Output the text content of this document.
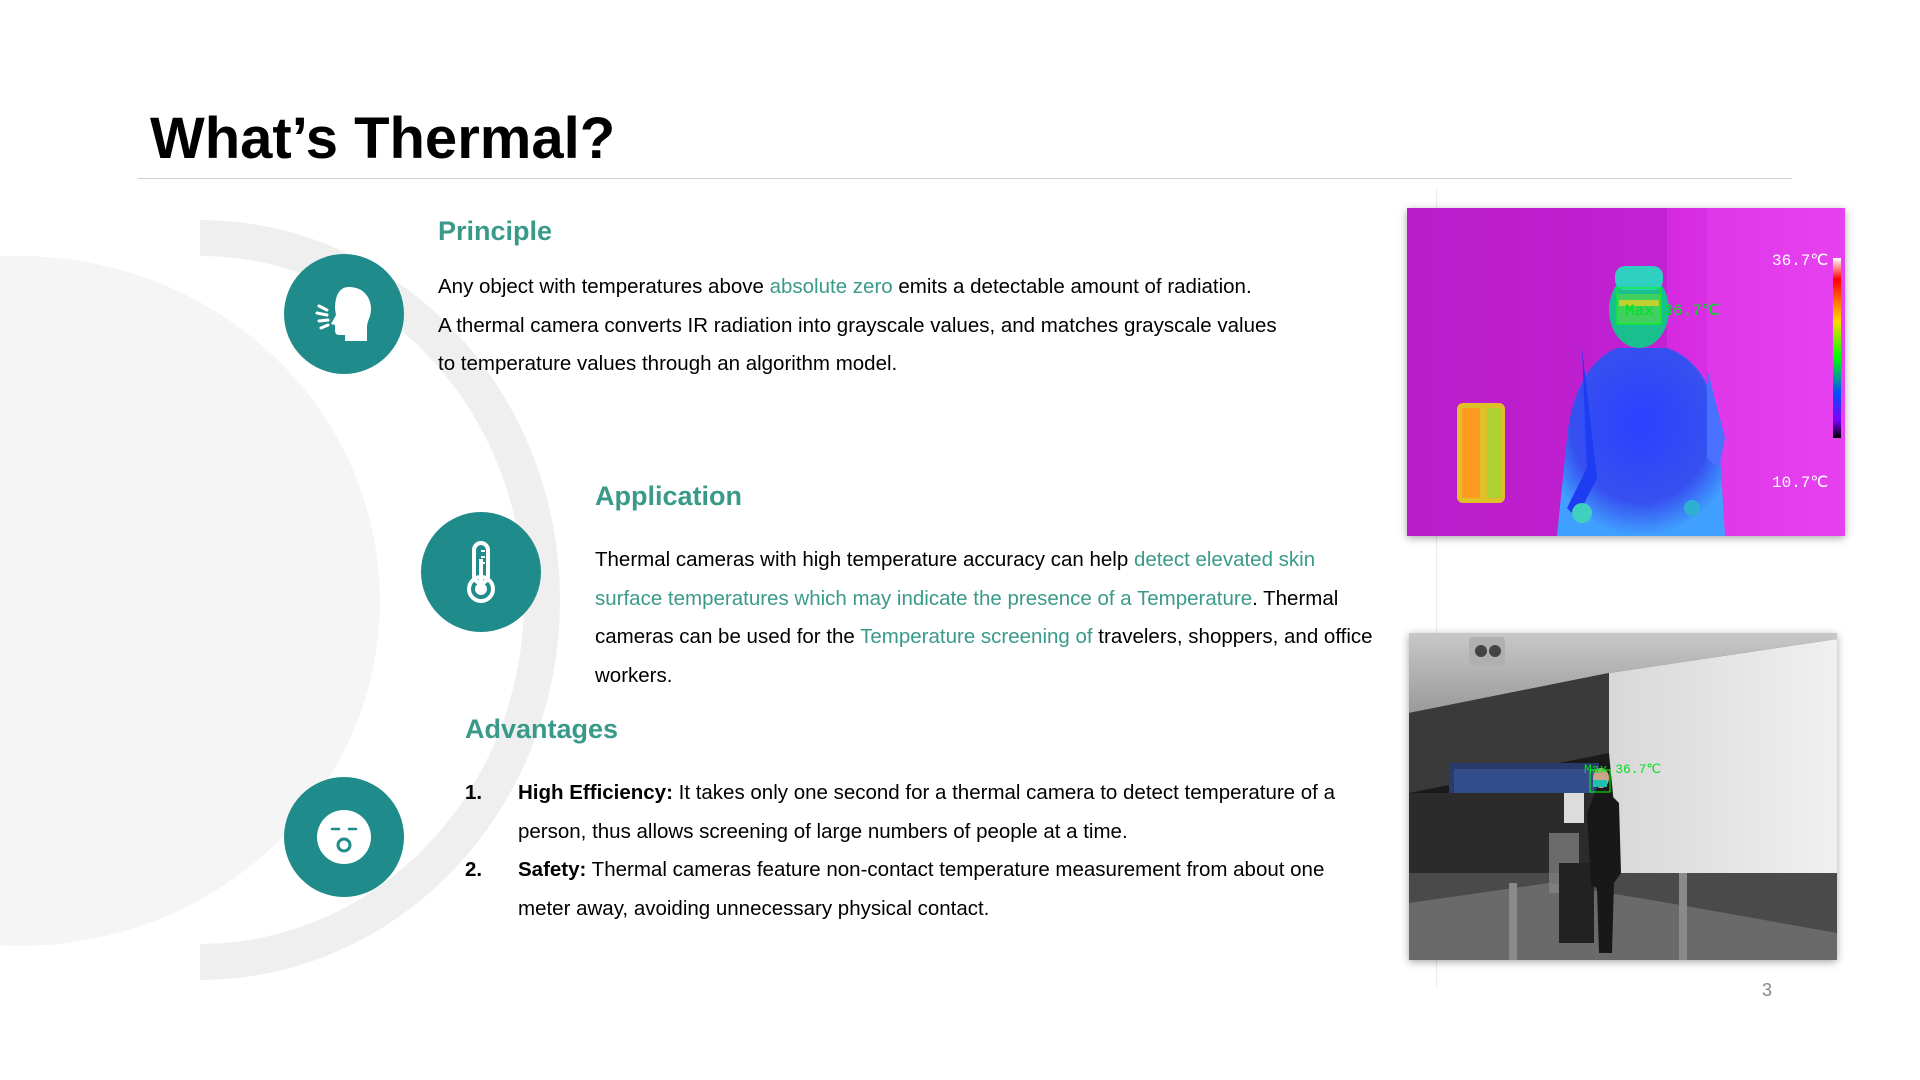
What’s Thermal?
Principle

Any object with temperatures above absolute zero emits a detectable amount of radiation.

A thermal camera converts IR radiation into grayscale values, and matches grayscale values

to temperature values through an algorithm model.

Application

Thermal cameras with high temperature accuracy can help detect elevated skin surface temperatures which may indicate the presence of a Temperature. Thermal cameras can be used for the Temperature screening of travelers, shoppers, and office workers.

Advantages
1. High Efficiency: It takes only one second for a thermal camera to detect temperature of a person, thus allows screening of large numbers of people at a time.
2. Safety: Thermal cameras feature non-contact temperature measurement from about one meter away, avoiding unnecessary physical contact.
36.7℃
10.7℃
Max 36.7℃
Max 36.7℃
3
